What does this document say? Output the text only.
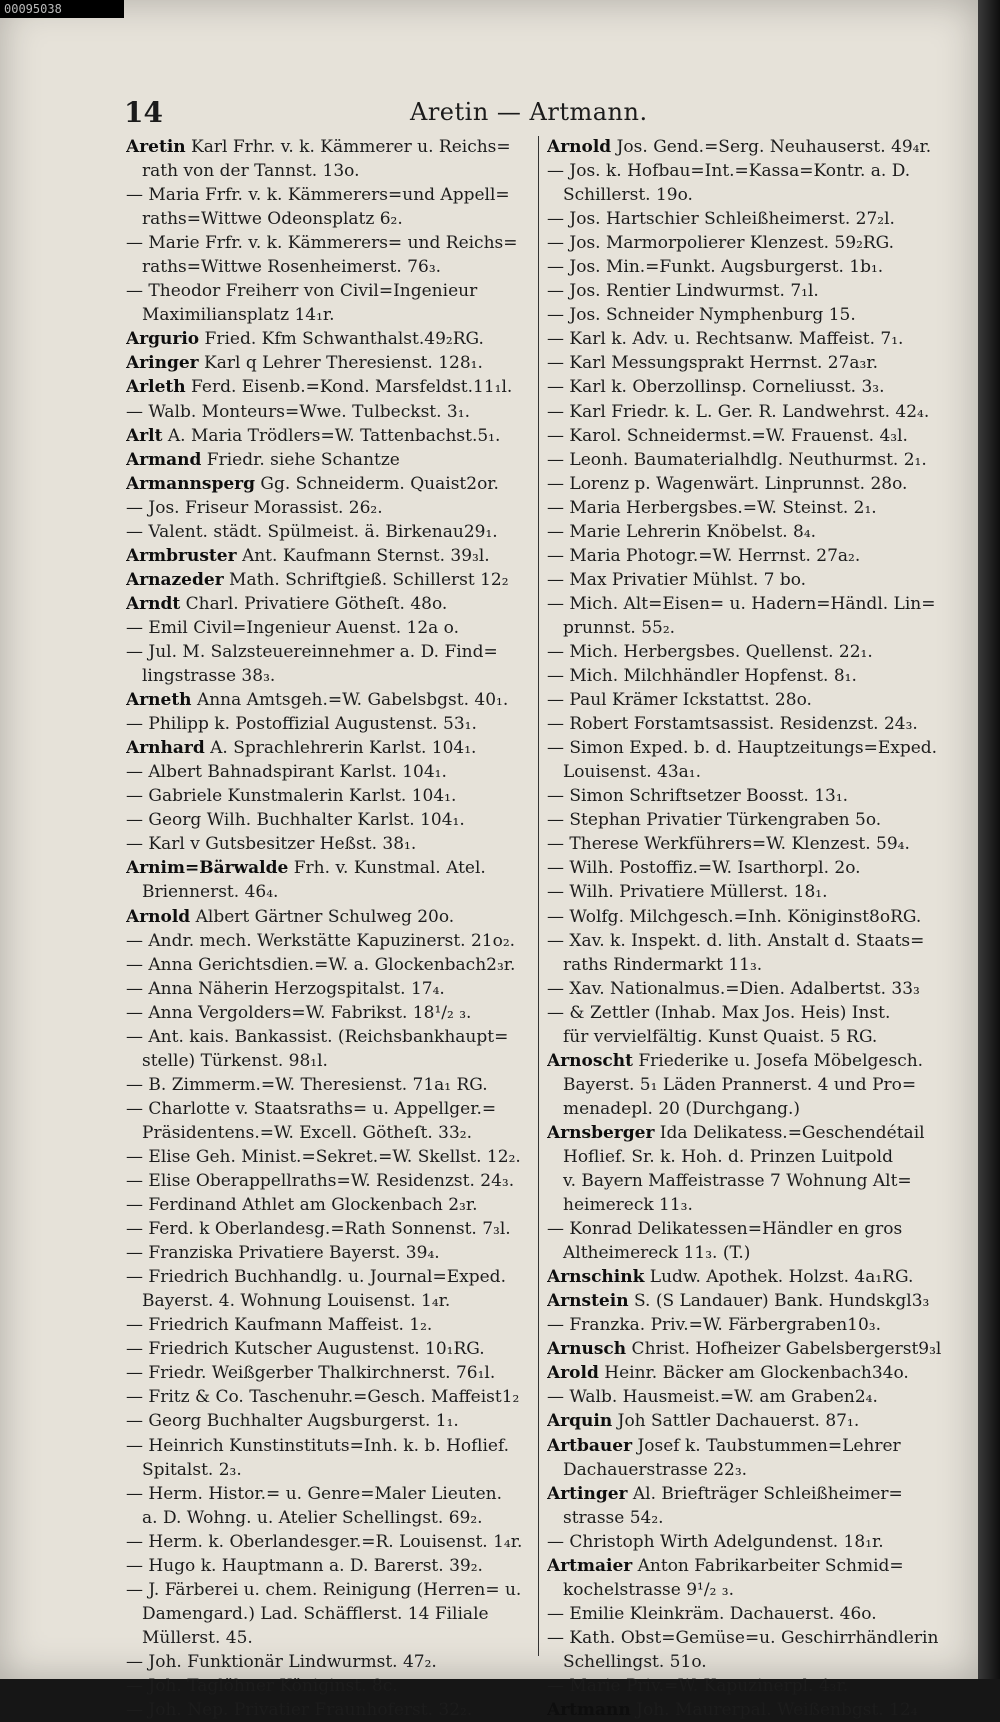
00095038
14	Aretin — Artmann.
Aretin Karl Frhr. v. k. Kämmerer u. Reichs=
rath von der Tannst. 13o.
— Maria Frfr. v. k. Kämmerers=und Appell=
raths=Wittwe Odeonsplatz 6₂.
— Marie Frfr. v. k. Kämmerers= und Reichs=
raths=Wittwe Rosenheimerst. 76₃.
— Theodor Freiherr von Civil=Ingenieur
Maximiliansplatz 14₁r.
Argurio Fried. Kfm Schwanthalst.49₂RG.
Aringer Karl q Lehrer Theresienst. 128₁.
Arleth Ferd. Eisenb.=Kond. Marsfeldst.11₁l.
— Walb. Monteurs=Wwe. Tulbeckst. 3₁.
Arlt A. Maria Trödlers=W. Tattenbachst.5₁.
Armand Friedr. siehe Schantze
Armannsperg Gg. Schneiderm. Quaist2or.
— Jos. Friseur Morassist. 26₂.
— Valent. städt. Spülmeist. ä. Birkenau29₁.
Armbruster Ant. Kaufmann Sternst. 39₃l.
Arnazeder Math. Schriftgieß. Schillerst 12₂
Arndt Charl. Privatiere Götheſt. 48o.
— Emil Civil=Ingenieur Auenst. 12a o.
— Jul. M. Salzsteuereinnehmer a. D. Find=
lingstrasse 38₃.
Arneth Anna Amtsgeh.=W. Gabelsbgst. 40₁.
— Philipp k. Postoffizial Augustenst. 53₁.
Arnhard A. Sprachlehrerin Karlst. 104₁.
— Albert Bahnadspirant Karlst. 104₁.
— Gabriele Kunstmalerin Karlst. 104₁.
— Georg Wilh. Buchhalter Karlst. 104₁.
— Karl v Gutsbesitzer Heßst. 38₁.
Arnim=Bärwalde Frh. v. Kunstmal. Atel.
Briennerst. 46₄.
Arnold Albert Gärtner Schulweg 20o.
— Andr. mech. Werkstätte Kapuzinerst. 21o₂.
— Anna Gerichtsdien.=W. a. Glockenbach2₃r.
— Anna Näherin Herzogspitalst. 17₄.
— Anna Vergolders=W. Fabrikst. 18¹/₂ ₃.
— Ant. kais. Bankassist. (Reichsbankhaupt=
stelle) Türkenst. 98₁l.
— B. Zimmerm.=W. Theresienst. 71a₁ RG.
— Charlotte v. Staatsraths= u. Appellger.=
Präsidentens.=W. Excell. Götheſt. 33₂.
— Elise Geh. Minist.=Sekret.=W. Skellst. 12₂.
— Elise Oberappellraths=W. Residenzst. 24₃.
— Ferdinand Athlet am Glockenbach 2₃r.
— Ferd. k Oberlandesg.=Rath Sonnenst. 7₃l.
— Franziska Privatiere Bayerst. 39₄.
— Friedrich Buchhandlg. u. Journal=Exped.
Bayerst. 4. Wohnung Louisenst. 1₄r.
— Friedrich Kaufmann Maffeist. 1₂.
— Friedrich Kutscher Augustenst. 10₁RG.
— Friedr. Weißgerber Thalkirchnerst. 76₁l.
— Fritz & Co. Taschenuhr.=Gesch. Maffeist1₂
— Georg Buchhalter Augsburgerst. 1₁.
— Heinrich Kunstinstituts=Inh. k. b. Hoflief.
Spitalst. 2₃.
— Herm. Histor.= u. Genre=Maler Lieuten.
a. D. Wohng. u. Atelier Schellingst. 69₂.
— Herm. k. Oberlandesger.=R. Louisenst. 1₄r.
— Hugo k. Hauptmann a. D. Barerst. 39₂.
— J. Färberei u. chem. Reinigung (Herren= u.
Damengard.) Lad. Schäfflerst. 14 Filiale
Müllerst. 45.
— Joh. Funktionär Lindwurmst. 47₂.
— Joh. Taglöhner Königinst. 8c.
— Joh. Nep. Privatier Fraunhoferst. 32₂.
Arnold Jos. Gend.=Serg. Neuhauserst. 49₄r.
— Jos. k. Hofbau=Int.=Kassa=Kontr. a. D.
Schillerst. 19o.
— Jos. Hartschier Schleißheimerst. 27₂l.
— Jos. Marmorpolierer Klenzest. 59₂RG.
— Jos. Min.=Funkt. Augsburgerst. 1b₁.
— Jos. Rentier Lindwurmst. 7₁l.
— Jos. Schneider Nymphenburg 15.
— Karl k. Adv. u. Rechtsanw. Maffeist. 7₁.
— Karl Messungsprakt Herrnst. 27a₃r.
— Karl k. Oberzollinsp. Corneliusst. 3₃.
— Karl Friedr. k. L. Ger. R. Landwehrst. 42₄.
— Karol. Schneidermst.=W. Frauenst. 4₃l.
— Leonh. Baumaterialhdlg. Neuthurmst. 2₁.
— Lorenz p. Wagenwärt. Linprunnst. 28o.
— Maria Herbergsbes.=W. Steinst. 2₁.
— Marie Lehrerin Knöbelst. 8₄.
— Maria Photogr.=W. Herrnst. 27a₂.
— Max Privatier Mühlst. 7 bo.
— Mich. Alt=Eisen= u. Hadern=Händl. Lin=
prunnst. 55₂.
— Mich. Herbergsbes. Quellenst. 22₁.
— Mich. Milchhändler Hopfenst. 8₁.
— Paul Krämer Ickstattst. 28o.
— Robert Forstamtsassist. Residenzst. 24₃.
— Simon Exped. b. d. Hauptzeitungs=Exped.
Louisenst. 43a₁.
— Simon Schriftsetzer Boosst. 13₁.
— Stephan Privatier Türkengraben 5o.
— Therese Werkführers=W. Klenzest. 59₄.
— Wilh. Postoffiz.=W. Isarthorpl. 2o.
— Wilh. Privatiere Müllerst. 18₁.
— Wolfg. Milchgesch.=Inh. Königinst8oRG.
— Xav. k. Inspekt. d. lith. Anstalt d. Staats=
raths Rindermarkt 11₃.
— Xav. Nationalmus.=Dien. Adalbertst. 33₃
— & Zettler (Inhab. Max Jos. Heis) Inst.
für vervielfältig. Kunst Quaist. 5 RG.
Arnoscht Friederike u. Josefa Möbelgesch.
Bayerst. 5₁ Läden Prannerst. 4 und Pro=
menadepl. 20 (Durchgang.)
Arnsberger Ida Delikatess.=Geschendétail
Hoflief. Sr. k. Hoh. d. Prinzen Luitpold
v. Bayern Maffeistrasse 7 Wohnung Alt=
heimereck 11₃.
— Konrad Delikatessen=Händler en gros
Altheimereck 11₃. (T.)
Arnschink Ludw. Apothek. Holzst. 4a₁RG.
Arnstein S. (S Landauer) Bank. Hundskgl3₃
— Franzka. Priv.=W. Färbergraben10₃.
Arnusch Christ. Hofheizer Gabelsbergerst9₃l
Arold Heinr. Bäcker am Glockenbach34o.
— Walb. Hausmeist.=W. am Graben2₄.
Arquin Joh Sattler Dachauerst. 87₁.
Artbauer Josef k. Taubstummen=Lehrer
Dachauerstrasse 22₃.
Artinger Al. Briefträger Schleißheimer=
strasse 54₂.
— Christoph Wirth Adelgundenst. 18₁r.
Artmaier Anton Fabrikarbeiter Schmid=
kochelstrasse 9¹/₂ ₃.
— Emilie Kleinkräm. Dachauerst. 46o.
— Kath. Obst=Gemüse=u. Geschirrhändlerin
Schellingst. 51o.
— Marie Priv.=W. Kapuzinerpl. 4₃r.
Artmann Joh. Maurerpal. Weißenbgst. 12₄
